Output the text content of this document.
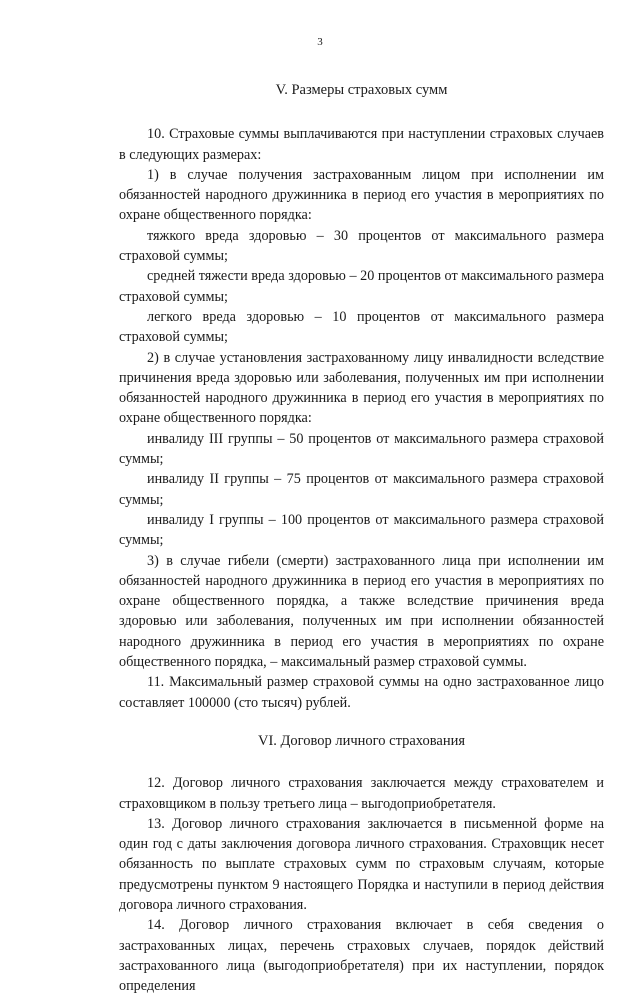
3
V. Размеры страховых сумм

10. Страховые суммы выплачиваются при наступлении страховых случаев в следующих размерах:

1) в случае получения застрахованным лицом при исполнении им обязанностей народного дружинника в период его участия в мероприятиях по охране общественного порядка:

тяжкого вреда здоровью – 30 процентов от максимального размера страховой суммы;

средней тяжести вреда здоровью – 20 процентов от максимального размера страховой суммы;

легкого вреда здоровью – 10 процентов от максимального размера страховой суммы;

2) в случае установления застрахованному лицу инвалидности вследствие причинения вреда здоровью или заболевания, полученных им при исполнении обязанностей народного дружинника в период его участия в мероприятиях по охране общественного порядка:

инвалиду III группы – 50 процентов от максимального размера страховой суммы;

инвалиду II группы – 75 процентов от максимального размера страховой суммы;

инвалиду I группы – 100 процентов от максимального размера страховой суммы;

3) в случае гибели (смерти) застрахованного лица при исполнении им обязанностей народного дружинника в период его участия в мероприятиях по охране общественного порядка, а также вследствие причинения вреда здоровью или заболевания, полученных им при исполнении обязанностей народного дружинника в период его участия в мероприятиях по охране общественного порядка, – максимальный размер страховой суммы.

11. Максимальный размер страховой суммы на одно застрахованное лицо составляет 100000 (сто тысяч) рублей.

VI. Договор личного страхования

12. Договор личного страхования заключается между страхователем и страховщиком в пользу третьего лица – выгодоприобретателя.

13. Договор личного страхования заключается в письменной форме на один год с даты заключения договора личного страхования. Страховщик несет обязанность по выплате страховых сумм по страховым случаям, которые предусмотрены пунктом 9 настоящего Порядка и наступили в период действия договора личного страхования.

14. Договор личного страхования включает в себя сведения о застрахованных лицах, перечень страховых случаев, порядок действий застрахованного лица (выгодоприобретателя) при их наступлении, порядок определения
